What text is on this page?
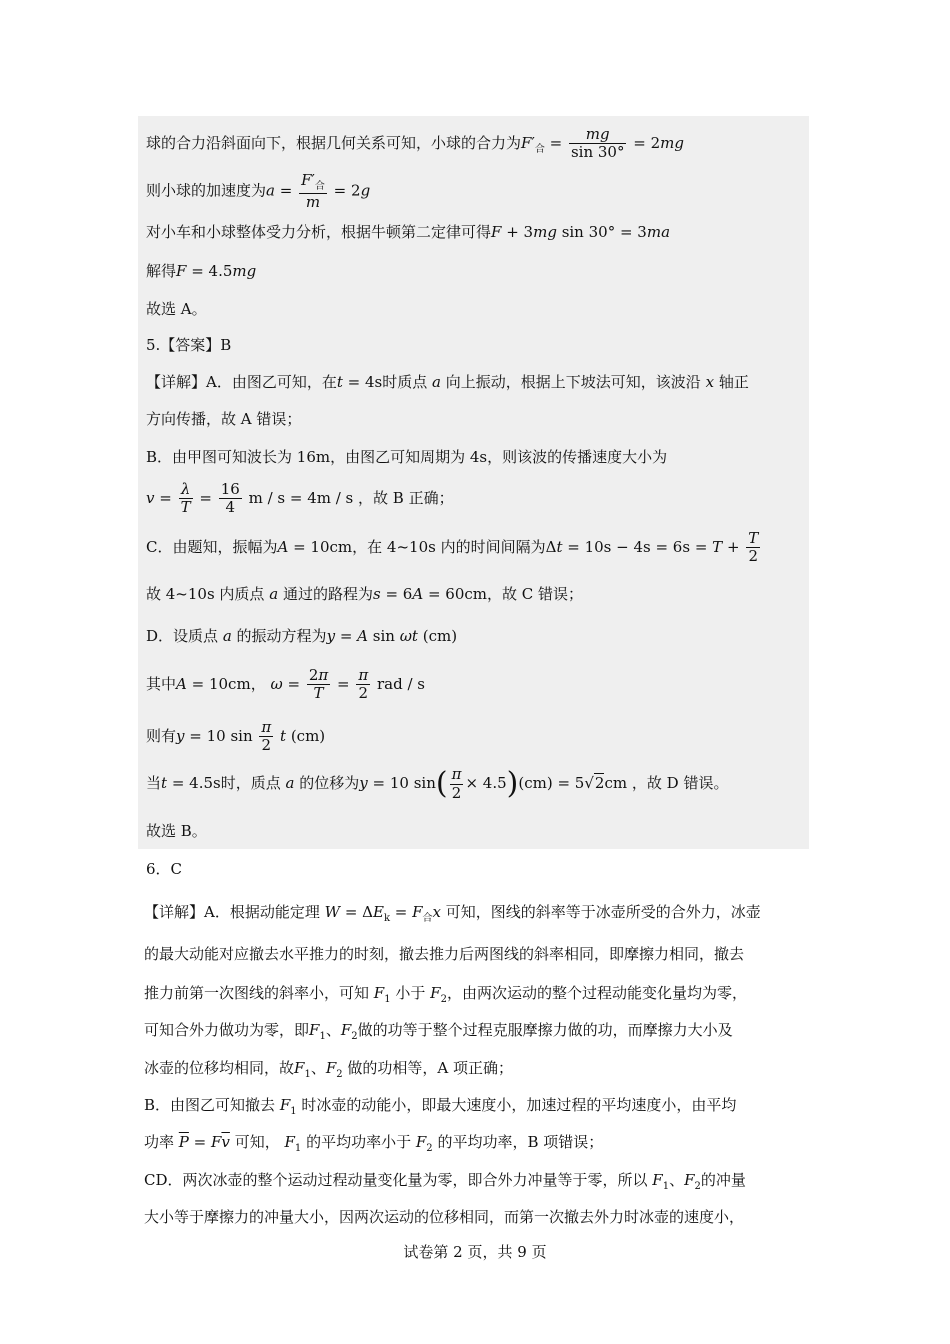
球的合力沿斜面向下，根据几何关系可知，小球的合力为$F'_合 = \frac{mg}{\sin 30^\circ} = 2mg$
则小球的加速度为$a = \frac{F'_合}{m} = 2g$
对小车和小球整体受力分析，根据牛顿第二定律可得F + 3mg sin 30° = 3ma
解得F = 4.5mg
故选 A。
5.【答案】B
【详解】A．由图乙可知，在t = 4s时质点 a 向上振动，根据上下坡法可知，该波沿 x 轴正
方向传播，故 A 错误；
B．由甲图可知波长为 16m，由图乙可知周期为 4s，则该波的传播速度大小为
$v = \frac{\lambda}{T} = \frac{16}{4}$ m / s = 4m / s ，故 B 正确；
C．由题知，振幅为A = 10cm，在 4~10s 内的时间间隔为$\Delta t = 10s - 4s = 6s = T + \frac{T}{2}$
故 4~10s 内质点 a 通过的路程为s = 6A = 60cm，故 C 错误；
D．设质点 a 的振动方程为y = A sin ωt (cm)
其中A = 10cm， $\omega = \frac{2\pi}{T} = \frac{\pi}{2}$ rad / s
则有y = 10 $\sin \frac{\pi}{2}$ t (cm)
当t = 4.5s时，质点 a 的位移为y = 10 $\sin( \frac{\pi}{2} \times 4.5)(cm) = 5√2cm$ ，故 D 错误。
故选 B。
6．C
【详解】A．根据动能定理 $W = \Delta E_k = F_合x$ 可知，图线的斜率等于冰壶所受的合外力，冰壶
的最大动能对应撤去水平推力的时刻，撤去推力后两图线的斜率相同，即摩擦力相同，撤去
推力前第一次图线的斜率小，可知 $F_1$ 小于 $F_2$，由两次运动的整个过程动能变化量均为零，
可知合外力做功为零，即$F_1$、$F_2$做的功等于整个过程克服摩擦力做的功，而摩擦力大小及
冰壶的位移均相同，故$F_1$、$F_2$ 做的功相等，A 项正确；
B．由图乙可知撤去 $F_1$ 时冰壶的动能小，即最大速度小，加速过程的平均速度小，由平均
功率 $\overline{P} = F\overline{v}$ 可知， $F_1$ 的平均功率小于 $F_2$ 的平均功率，B 项错误；
CD．两次冰壶的整个运动过程动量变化量为零，即合外力冲量等于零，所以 $F_1$、$F_2$的冲量
大小等于摩擦力的冲量大小，因两次运动的位移相同，而第一次撤去外力时冰壶的速度小，
试卷第 2 页，共 9 页
